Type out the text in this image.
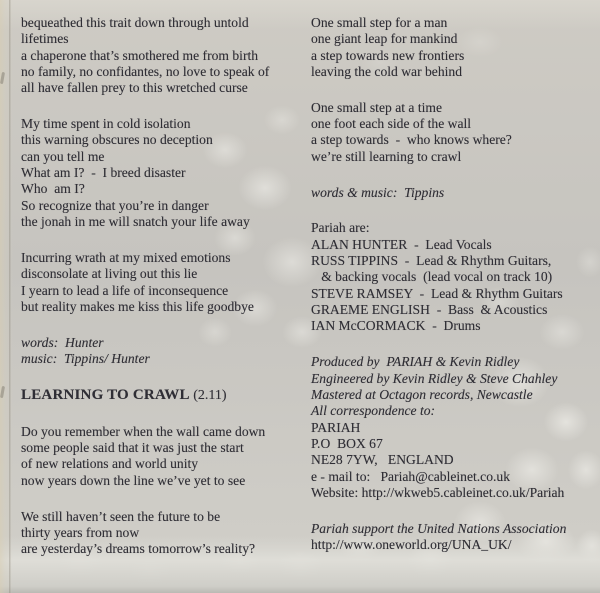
bequeathed this trait down through untold
lifetimes
a chaperone that’s smothered me from birth
no family, no confidantes, no love to speak of
all have fallen prey to this wretched curse
My time spent in cold isolation
this warning obscures no deception
can you tell me
What am I?  -  I breed disaster
Who  am I?
So recognize that you’re in danger
the jonah in me will snatch your life away
Incurring wrath at my mixed emotions
disconsolate at living out this lie
I yearn to lead a life of inconsequence
but reality makes me kiss this life goodbye
words:  Hunter
music:  Tippins/ Hunter
LEARNING TO CRAWL (2.11)
Do you remember when the wall came down
some people said that it was just the start
of new relations and world unity
now years down the line we’ve yet to see
We still haven’t seen the future to be
thirty years from now
are yesterday’s dreams tomorrow’s reality?
One small step for a man
one giant leap for mankind
a step towards new frontiers
leaving the cold war behind
One small step at a time
one foot each side of the wall
a step towards  -  who knows where?
we’re still learning to crawl
words & music:  Tippins
Pariah are:
ALAN HUNTER  -  Lead Vocals
RUSS TIPPINS  -  Lead & Rhythm Guitars,
& backing vocals  (lead vocal on track 10)
STEVE RAMSEY  -  Lead & Rhythm Guitars
GRAEME ENGLISH  -  Bass  & Acoustics
IAN McCORMACK  -  Drums
Produced by  PARIAH & Kevin Ridley
Engineered by Kevin Ridley & Steve Chahley
Mastered at Octagon records, Newcastle
All correspondence to:
PARIAH
P.O  BOX 67
NE28 7YW,   ENGLAND
e - mail to:   Pariah@cableinet.co.uk
Website: http://wkweb5.cableinet.co.uk/Pariah
Pariah support the United Nations Association
http://www.oneworld.org/UNA_UK/
